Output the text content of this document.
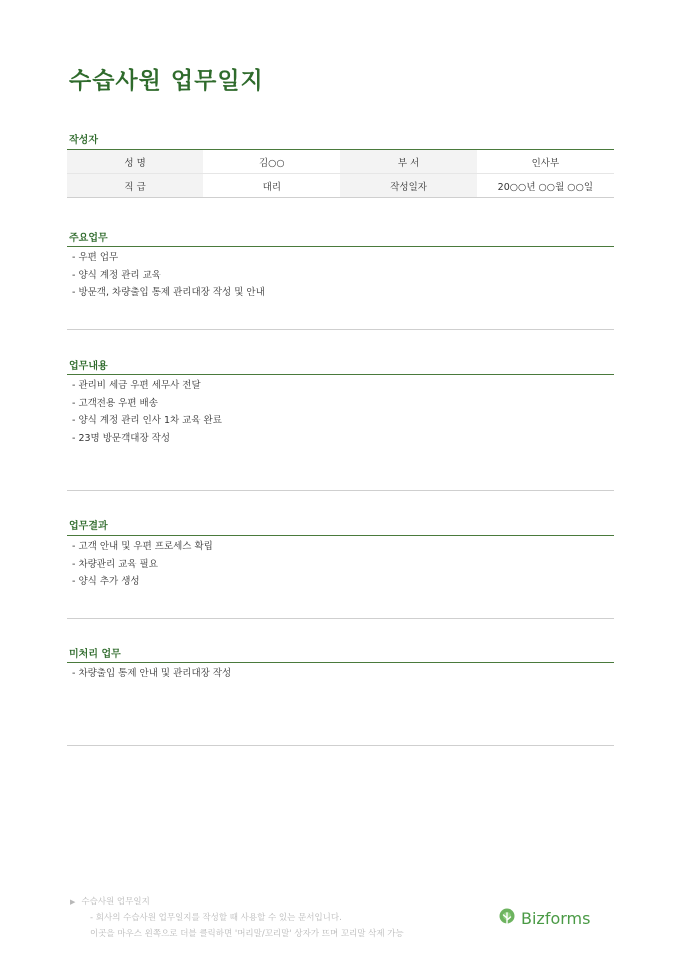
수습사원 업무일지
작성자
성 명	김○○	부 서	인사부
직 급	대리	작성일자	20○○년 ○○월 ○○일
주요업무
- 우편 업무
- 양식 계정 관리 교육
- 방문객, 차량출입 통제 관리대장 작성 및 안내
업무내용
- 관리비 세금 우편 세무사 전달
- 고객전용 우편 배송
- 양식 계정 관리 인사 1차 교육 완료
- 23명 방문객대장 작성
업무결과
- 고객 안내 및 우편 프로세스 확립
- 차량관리 교육 필요
- 양식 추가 생성
미처리 업무
- 차량출입 통제 안내 및 관리대장 작성
▶ 수습사원 업무일지
- 회사의 수습사원 업무일지를 작성할 때 사용할 수 있는 문서입니다.
이곳을 마우스 왼쪽으로 더블 클릭하면 '머리말/꼬리말' 상자가 뜨며 꼬리말 삭제 가능
Bizforms
